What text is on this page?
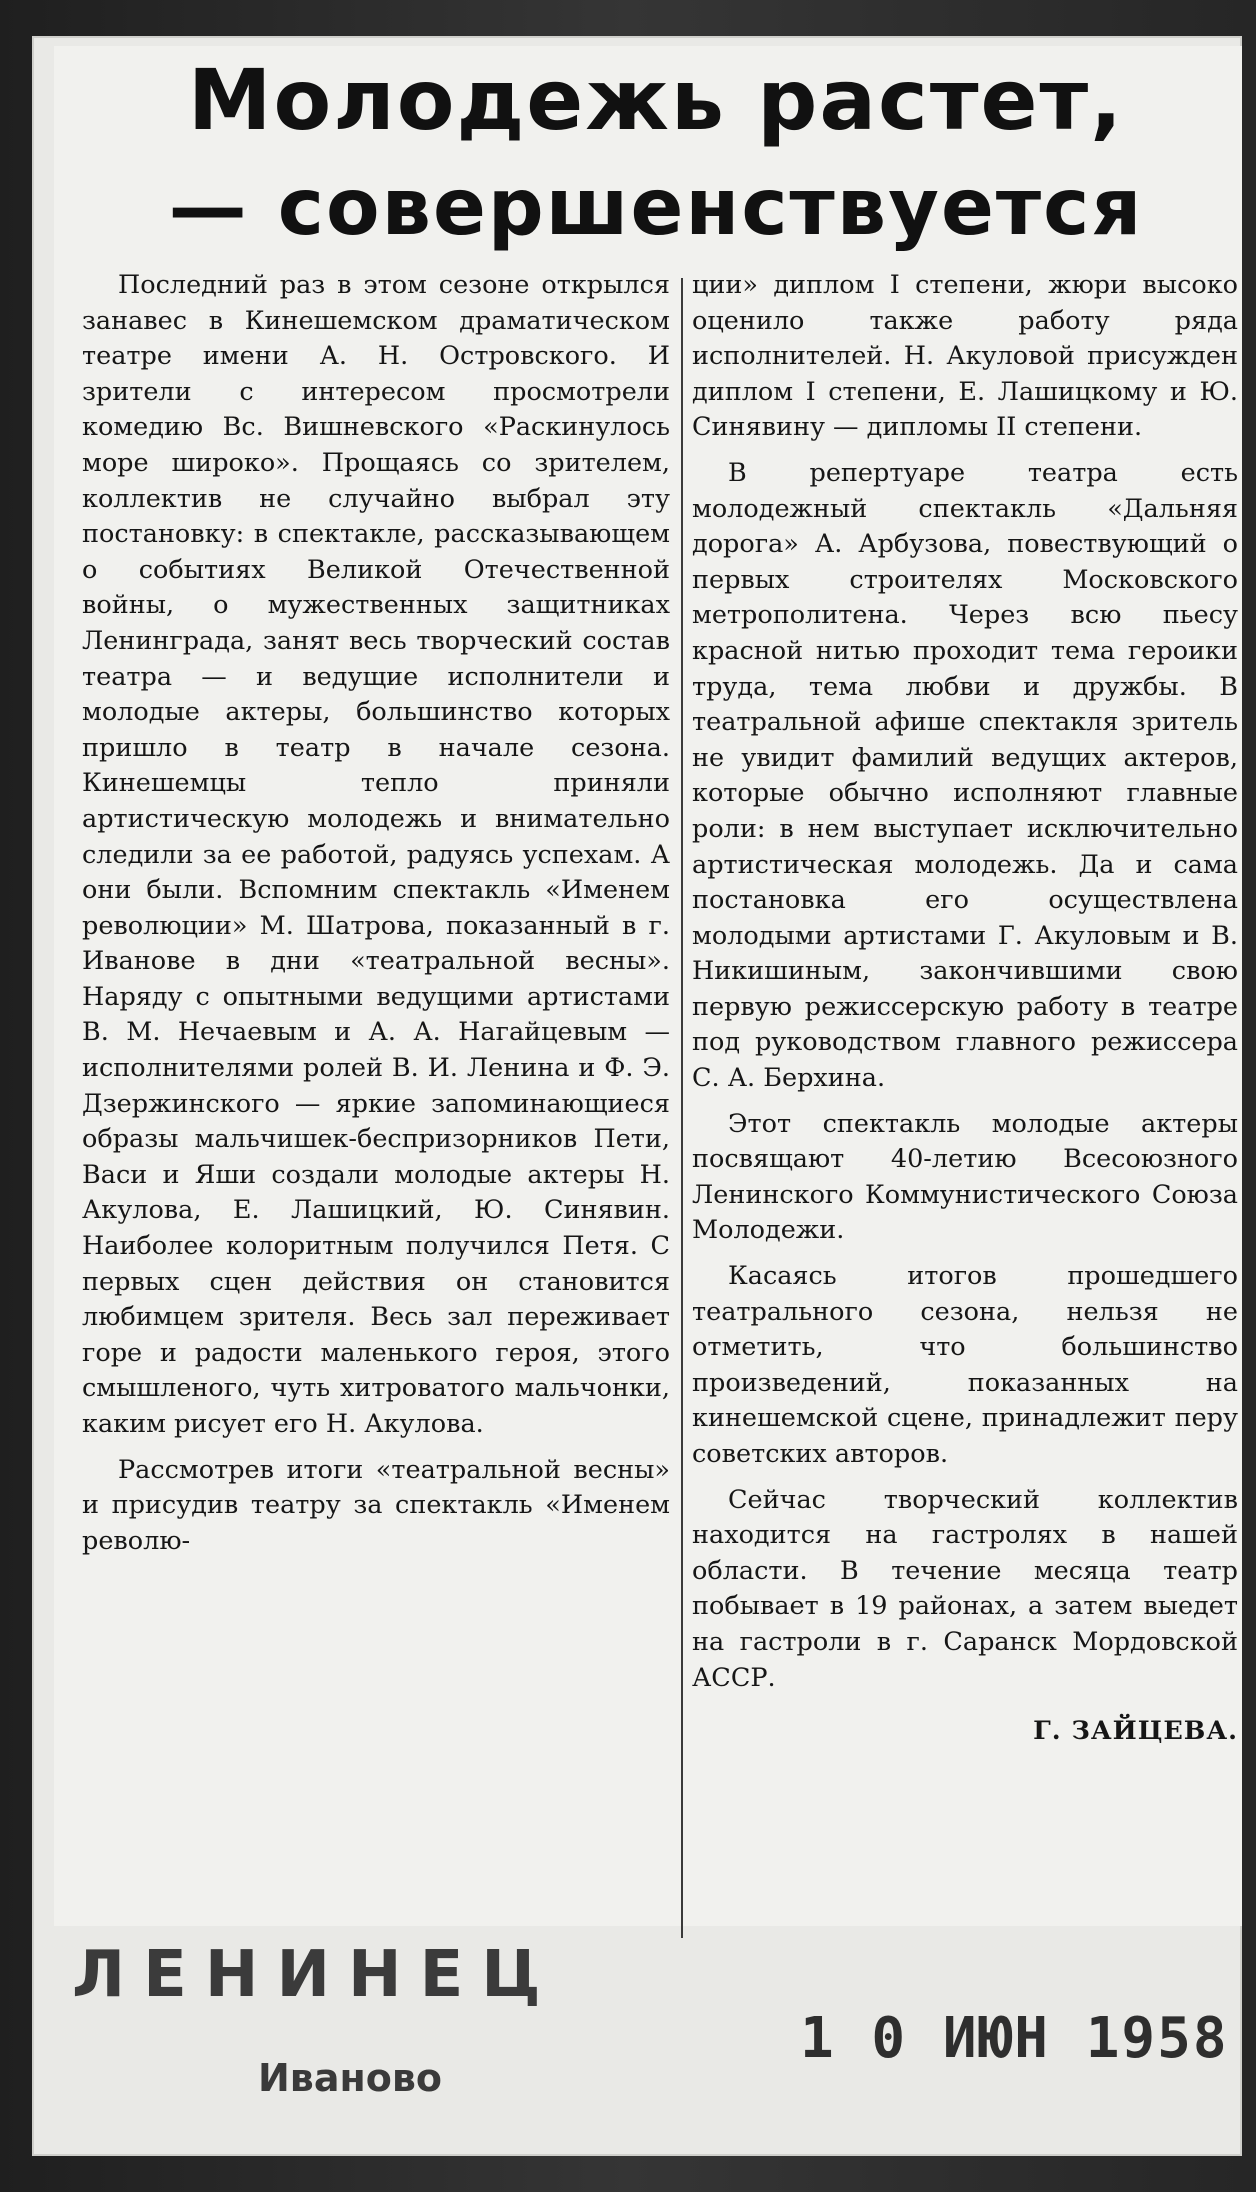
Молодежь растет,
— совершенствуется

Последний раз в этом сезоне открылся занавес в Кинешемском драматическом театре имени А. Н. Островского. И зрители с интересом просмотрели комедию Вс. Вишневского «Раскинулось море широко». Прощаясь со зрителем, коллектив не случайно выбрал эту постановку: в спектакле, рассказывающем о событиях Великой Отечественной войны, о мужественных защитниках Ленинграда, занят весь творческий состав театра — и ведущие исполнители и молодые актеры, большинство которых пришло в театр в начале сезона. Кинешемцы тепло приняли артистическую молодежь и внимательно следили за ее работой, радуясь успехам. А они были. Вспомним спектакль «Именем революции» М. Шатрова, показанный в г. Иванове в дни «театральной весны». Наряду с опытными ведущими артистами В. М. Нечаевым и А. А. Нагайцевым — исполнителями ролей В. И. Ленина и Ф. Э. Дзержинского — яркие запоминающиеся образы мальчишек-беспризорников Пети, Васи и Яши создали молодые актеры Н. Акулова, Е. Лашицкий, Ю. Синявин. Наиболее колоритным получился Петя. С первых сцен действия он становится любимцем зрителя. Весь зал переживает горе и радости маленького героя, этого смышленого, чуть хитроватого мальчонки, каким рисует его Н. Акулова.

Рассмотрев итоги «театральной весны» и присудив театру за спектакль «Именем револю-

ции» диплом I степени, жюри высоко оценило также работу ряда исполнителей. Н. Акуловой присужден диплом I степени, Е. Лашицкому и Ю. Синявину — дипломы II степени.

В репертуаре театра есть молодежный спектакль «Дальняя дорога» А. Арбузова, повествующий о первых строителях Московского метрополитена. Через всю пьесу красной нитью проходит тема героики труда, тема любви и дружбы. В театральной афише спектакля зритель не увидит фамилий ведущих актеров, которые обычно исполняют главные роли: в нем выступает исключительно артистическая молодежь. Да и сама постановка его осуществлена молодыми артистами Г. Акуловым и В. Никишиным, закончившими свою первую режиссерскую работу в театре под руководством главного режиссера С. А. Берхина.

Этот спектакль молодые актеры посвящают 40-летию Всесоюзного Ленинского Коммунистического Союза Молодежи.

Касаясь итогов прошедшего театрального сезона, нельзя не отметить, что большинство произведений, показанных на кинешемской сцене, принадлежит перу советских авторов.

Сейчас творческий коллектив находится на гастролях в нашей области. В течение месяца театр побывает в 19 районах, а затем выедет на гастроли в г. Саранск Мордовской АССР.

Г. ЗАЙЦЕВА.

ЛЕНИНЕЦ
Иваново
1 0 ИЮН 1958
